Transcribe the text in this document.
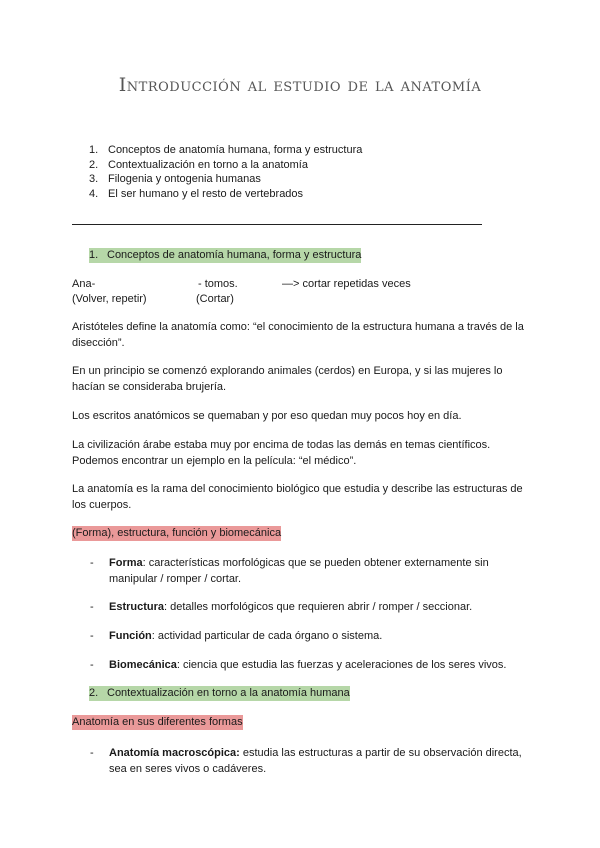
Introducción al estudio de la anatomía
1. Conceptos de anatomía humana, forma y estructura
2. Contextualización en torno a la anatomía
3. Filogenia y ontogenia humanas
4. El ser humano y el resto de vertebrados
1. Conceptos de anatomía humana, forma y estructura
Ana-
(Volver, repetir)
- tomos.
(Cortar)
—> cortar repetidas veces
Aristóteles define la anatomía como: “el conocimiento de la estructura humana a través de la disección”.
En un principio se comenzó explorando animales (cerdos) en Europa, y si las mujeres lo hacían se consideraba brujería.
Los escritos anatómicos se quemaban y por eso quedan muy pocos hoy en día.
La civilización árabe estaba muy por encima de todas las demás en temas científicos. Podemos encontrar un ejemplo en la película: “el médico”.
La anatomía es la rama del conocimiento biológico que estudia y describe las estructuras de los cuerpos.
(Forma), estructura, función y biomecánica
- Forma: características morfológicas que se pueden obtener externamente sin manipular / romper / cortar.
- Estructura: detalles morfológicos que requieren abrir / romper / seccionar.
- Función: actividad particular de cada órgano o sistema.
- Biomecánica: ciencia que estudia las fuerzas y aceleraciones de los seres vivos.
2. Contextualización en torno a la anatomía humana
Anatomía en sus diferentes formas
- Anatomía macroscópica: estudia las estructuras a partir de su observación directa, sea en seres vivos o cadáveres.
